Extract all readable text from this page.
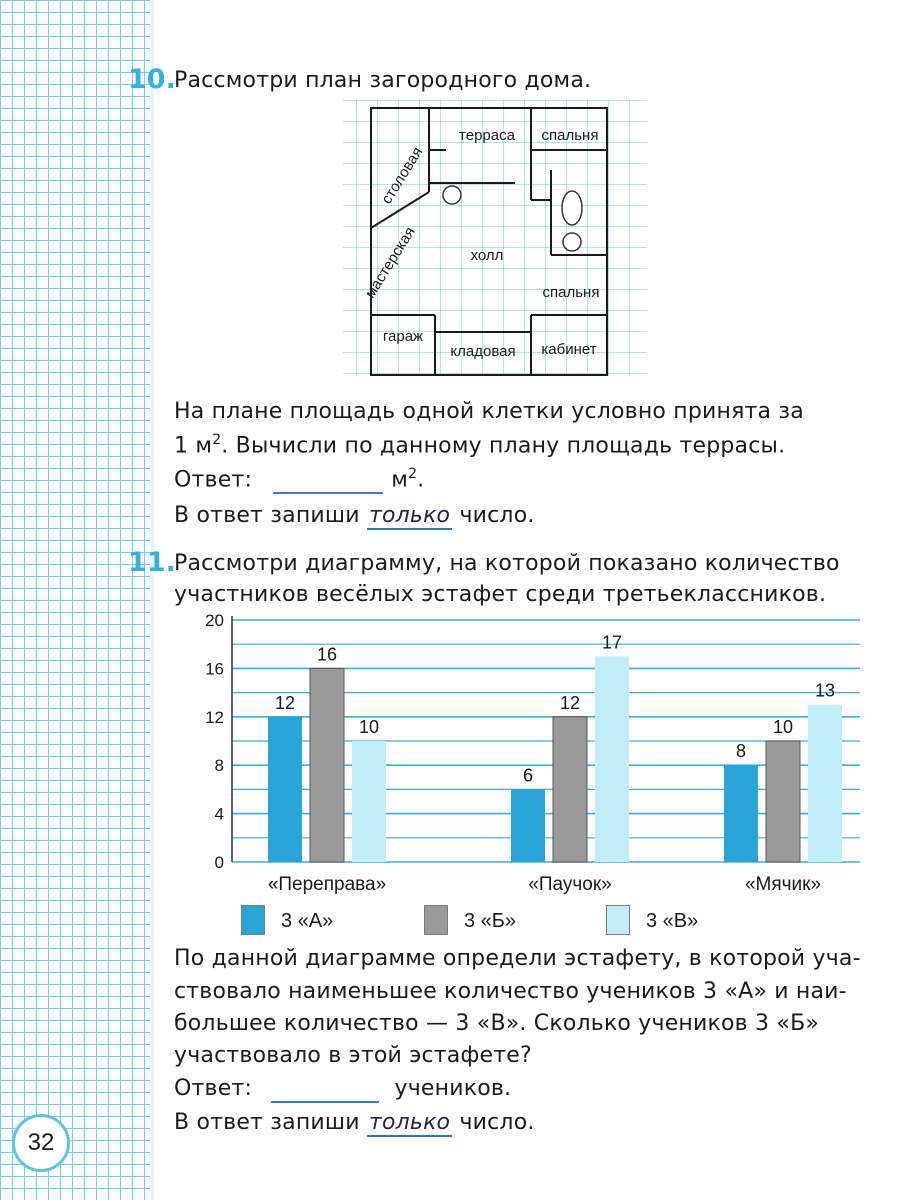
10.
Рассмотри план загородного дома.
терраса спальня
столовая
мастерская	холл
спальня
гараж
кладовая кабинет
На плане площадь одной клетки условно принята за
1 $м^2$. Вычисли по данному плану площадь террасы.
Ответ:	$м^2$.
В ответ запиши только число.
11.
Рассмотри диаграмму, на которой показано количество
участников весёлых эстафет среди третьеклассников.
0
4
8
12
16
20
12
16
10
«Переправа»
6
12
17
«Паучок»
8
10
13
«Мячик»
3 «А»	3 «Б»	3 «В»
По данной диаграмме определи эстафету, в которой уча-
ствовало наименьшее количество учеников 3 «А» и наи-
большее количество — 3 «В». Сколько учеников 3 «Б»
участвовало в этой эстафете?
Ответ:	учеников.
В ответ запиши только число.
32
